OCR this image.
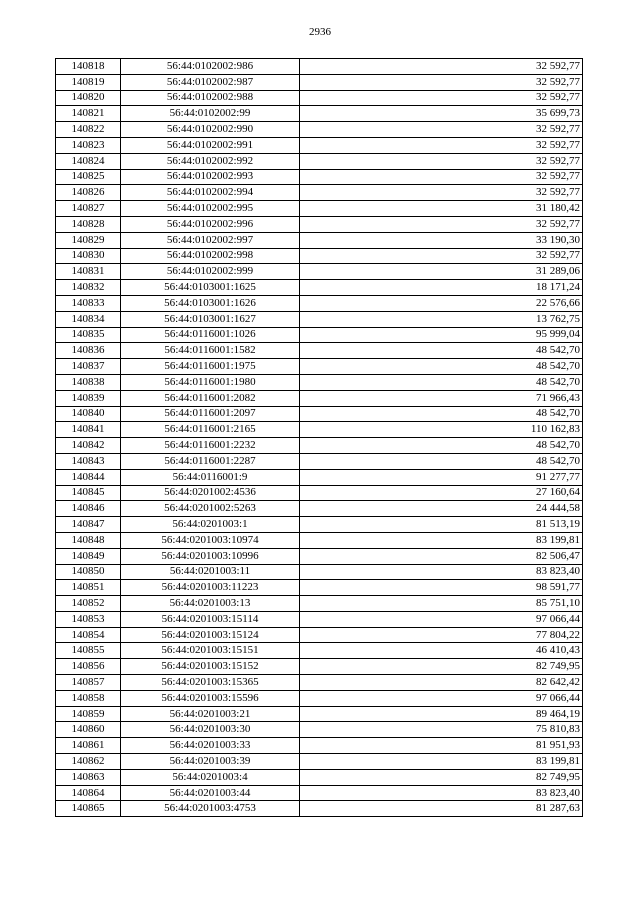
2936
140818	56:44:0102002:986	32 592,77
140819	56:44:0102002:987	32 592,77
140820	56:44:0102002:988	32 592,77
140821	56:44:0102002:99	35 699,73
140822	56:44:0102002:990	32 592,77
140823	56:44:0102002:991	32 592,77
140824	56:44:0102002:992	32 592,77
140825	56:44:0102002:993	32 592,77
140826	56:44:0102002:994	32 592,77
140827	56:44:0102002:995	31 180,42
140828	56:44:0102002:996	32 592,77
140829	56:44:0102002:997	33 190,30
140830	56:44:0102002:998	32 592,77
140831	56:44:0102002:999	31 289,06
140832	56:44:0103001:1625	18 171,24
140833	56:44:0103001:1626	22 576,66
140834	56:44:0103001:1627	13 762,75
140835	56:44:0116001:1026	95 999,04
140836	56:44:0116001:1582	48 542,70
140837	56:44:0116001:1975	48 542,70
140838	56:44:0116001:1980	48 542,70
140839	56:44:0116001:2082	71 966,43
140840	56:44:0116001:2097	48 542,70
140841	56:44:0116001:2165	110 162,83
140842	56:44:0116001:2232	48 542,70
140843	56:44:0116001:2287	48 542,70
140844	56:44:0116001:9	91 277,77
140845	56:44:0201002:4536	27 160,64
140846	56:44:0201002:5263	24 444,58
140847	56:44:0201003:1	81 513,19
140848	56:44:0201003:10974	83 199,81
140849	56:44:0201003:10996	82 506,47
140850	56:44:0201003:11	83 823,40
140851	56:44:0201003:11223	98 591,77
140852	56:44:0201003:13	85 751,10
140853	56:44:0201003:15114	97 066,44
140854	56:44:0201003:15124	77 804,22
140855	56:44:0201003:15151	46 410,43
140856	56:44:0201003:15152	82 749,95
140857	56:44:0201003:15365	82 642,42
140858	56:44:0201003:15596	97 066,44
140859	56:44:0201003:21	89 464,19
140860	56:44:0201003:30	75 810,83
140861	56:44:0201003:33	81 951,93
140862	56:44:0201003:39	83 199,81
140863	56:44:0201003:4	82 749,95
140864	56:44:0201003:44	83 823,40
140865	56:44:0201003:4753	81 287,63
